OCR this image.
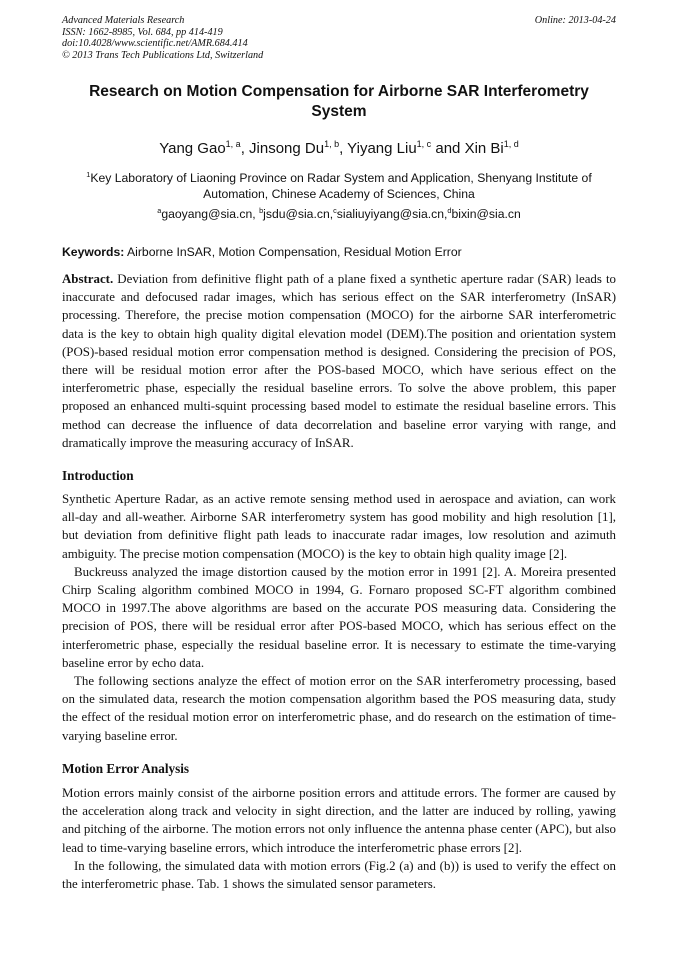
Advanced Materials Research
ISSN: 1662-8985, Vol. 684, pp 414-419
doi:10.4028/www.scientific.net/AMR.684.414
© 2013 Trans Tech Publications Ltd, Switzerland
Online: 2013-04-24
Research on Motion Compensation for Airborne SAR Interferometry System
Yang Gao$^{1, a}$, Jinsong Du$^{1, b}$, Yiyang Liu$^{1, c}$ and Xin Bi$^{1, d}$
$^1$Key Laboratory of Liaoning Province on Radar System and Application, Shenyang Institute of Automation, Chinese Academy of Sciences, China
$^a$gaoyang@sia.cn, $^b$jsdu@sia.cn,$^c$sialiuyiyang@sia.cn,$^d$bixin@sia.cn
Keywords: Airborne InSAR, Motion Compensation, Residual Motion Error

Abstract. Deviation from definitive flight path of a plane fixed a synthetic aperture radar (SAR) leads to inaccurate and defocused radar images, which has serious effect on the SAR interferometry (InSAR) processing. Therefore, the precise motion compensation (MOCO) for the airborne SAR interferometric data is the key to obtain high quality digital elevation model (DEM).The position and orientation system (POS)-based residual motion error compensation method is designed. Considering the precision of POS, there will be residual motion error after the POS-based MOCO, which have serious effect on the interferometric phase, especially the residual baseline errors. To solve the above problem, this paper proposed an enhanced multi-squint processing based model to estimate the residual baseline errors. This method can decrease the influence of data decorrelation and baseline error varying with range, and dramatically improve the measuring accuracy of InSAR.

Introduction

Synthetic Aperture Radar, as an active remote sensing method used in aerospace and aviation, can work all-day and all-weather. Airborne SAR interferometry system has good mobility and high resolution [1], but deviation from definitive flight path leads to inaccurate radar images, low resolution and azimuth ambiguity. The precise motion compensation (MOCO) is the key to obtain high quality image [2].

Buckreuss analyzed the image distortion caused by the motion error in 1991 [2]. A. Moreira presented Chirp Scaling algorithm combined MOCO in 1994, G. Fornaro proposed SC-FT algorithm combined MOCO in 1997.The above algorithms are based on the accurate POS measuring data. Considering the precision of POS, there will be residual error after POS-based MOCO, which has serious effect on the interferometric phase, especially the residual baseline error. It is necessary to estimate the time-varying baseline error by echo data.

The following sections analyze the effect of motion error on the SAR interferometry processing, based on the simulated data, research the motion compensation algorithm based the POS measuring data, study the effect of the residual motion error on interferometric phase, and do research on the estimation of time-varying baseline error.

Motion Error Analysis

Motion errors mainly consist of the airborne position errors and attitude errors. The former are caused by the acceleration along track and velocity in sight direction, and the latter are induced by rolling, yawing and pitching of the airborne. The motion errors not only influence the antenna phase center (APC), but also lead to time-varying baseline errors, which introduce the interferometric phase errors [2].

In the following, the simulated data with motion errors (Fig.2 (a) and (b)) is used to verify the effect on the interferometric phase. Tab. 1 shows the simulated sensor parameters.
